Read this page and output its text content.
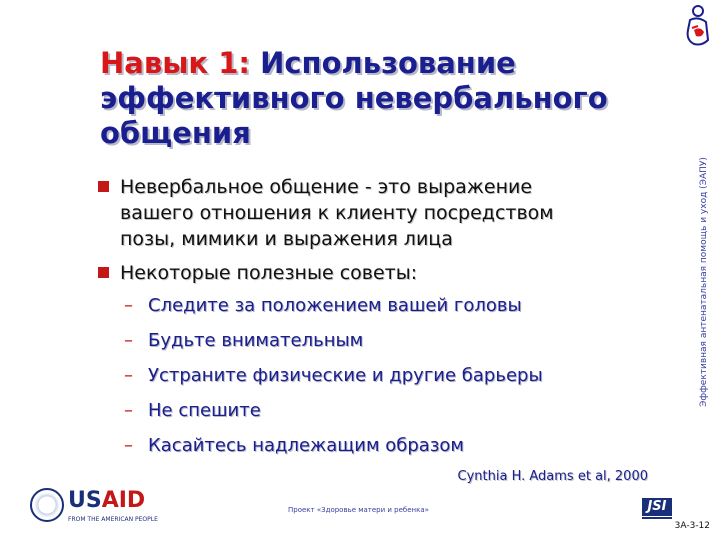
Навык 1: Использование
эффективного невербального
общения
Невербальное общение - это выражение
вашего отношения к клиенту посредством
позы, мимики и выражения лица
Некоторые полезные советы:
– Следите за положением вашей головы
– Будьте внимательным
– Устраните физические и другие барьеры
– Не спешите
– Касайтесь надлежащим образом
Cynthia H. Adams et al, 2000
Эффективная антенатальная помощь и уход (ЭАПУ)
USAID
FROM THE AMERICAN PEOPLE
Проект «Здоровье матери и ребенка»	JSI
3A-3-12
